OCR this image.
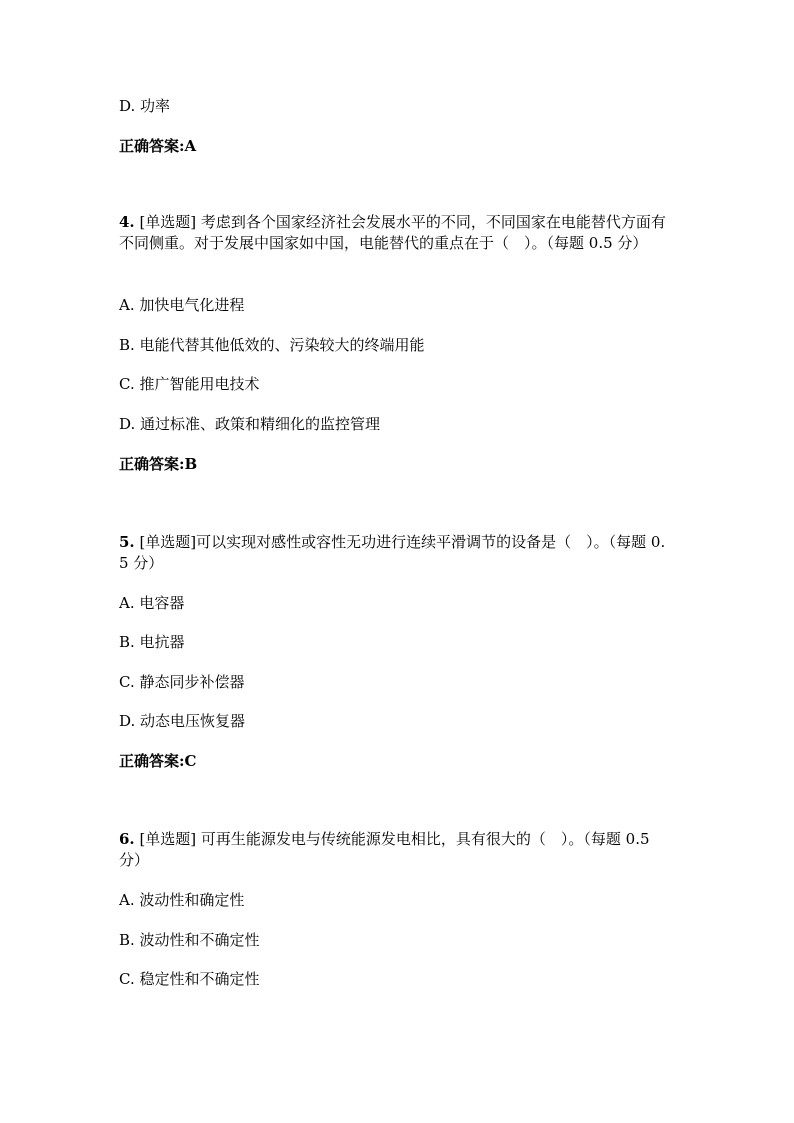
D. 功率
正确答案:A
4. [单选题] 考虑到各个国家经济社会发展水平的不同，不同国家在电能替代方面有不同侧重。对于发展中国家如中国，电能替代的重点在于（　）。（每题 0.5 分）
A. 加快电气化进程
B. 电能代替其他低效的、污染较大的终端用能
C. 推广智能用电技术
D. 通过标准、政策和精细化的监控管理
正确答案:B
5. [单选题]可以实现对感性或容性无功进行连续平滑调节的设备是（　）。（每题 0.5 分）
A. 电容器
B. 电抗器
C. 静态同步补偿器
D. 动态电压恢复器
正确答案:C
6. [单选题] 可再生能源发电与传统能源发电相比，具有很大的（　）。（每题 0.5 分）
A. 波动性和确定性
B. 波动性和不确定性
C. 稳定性和不确定性
